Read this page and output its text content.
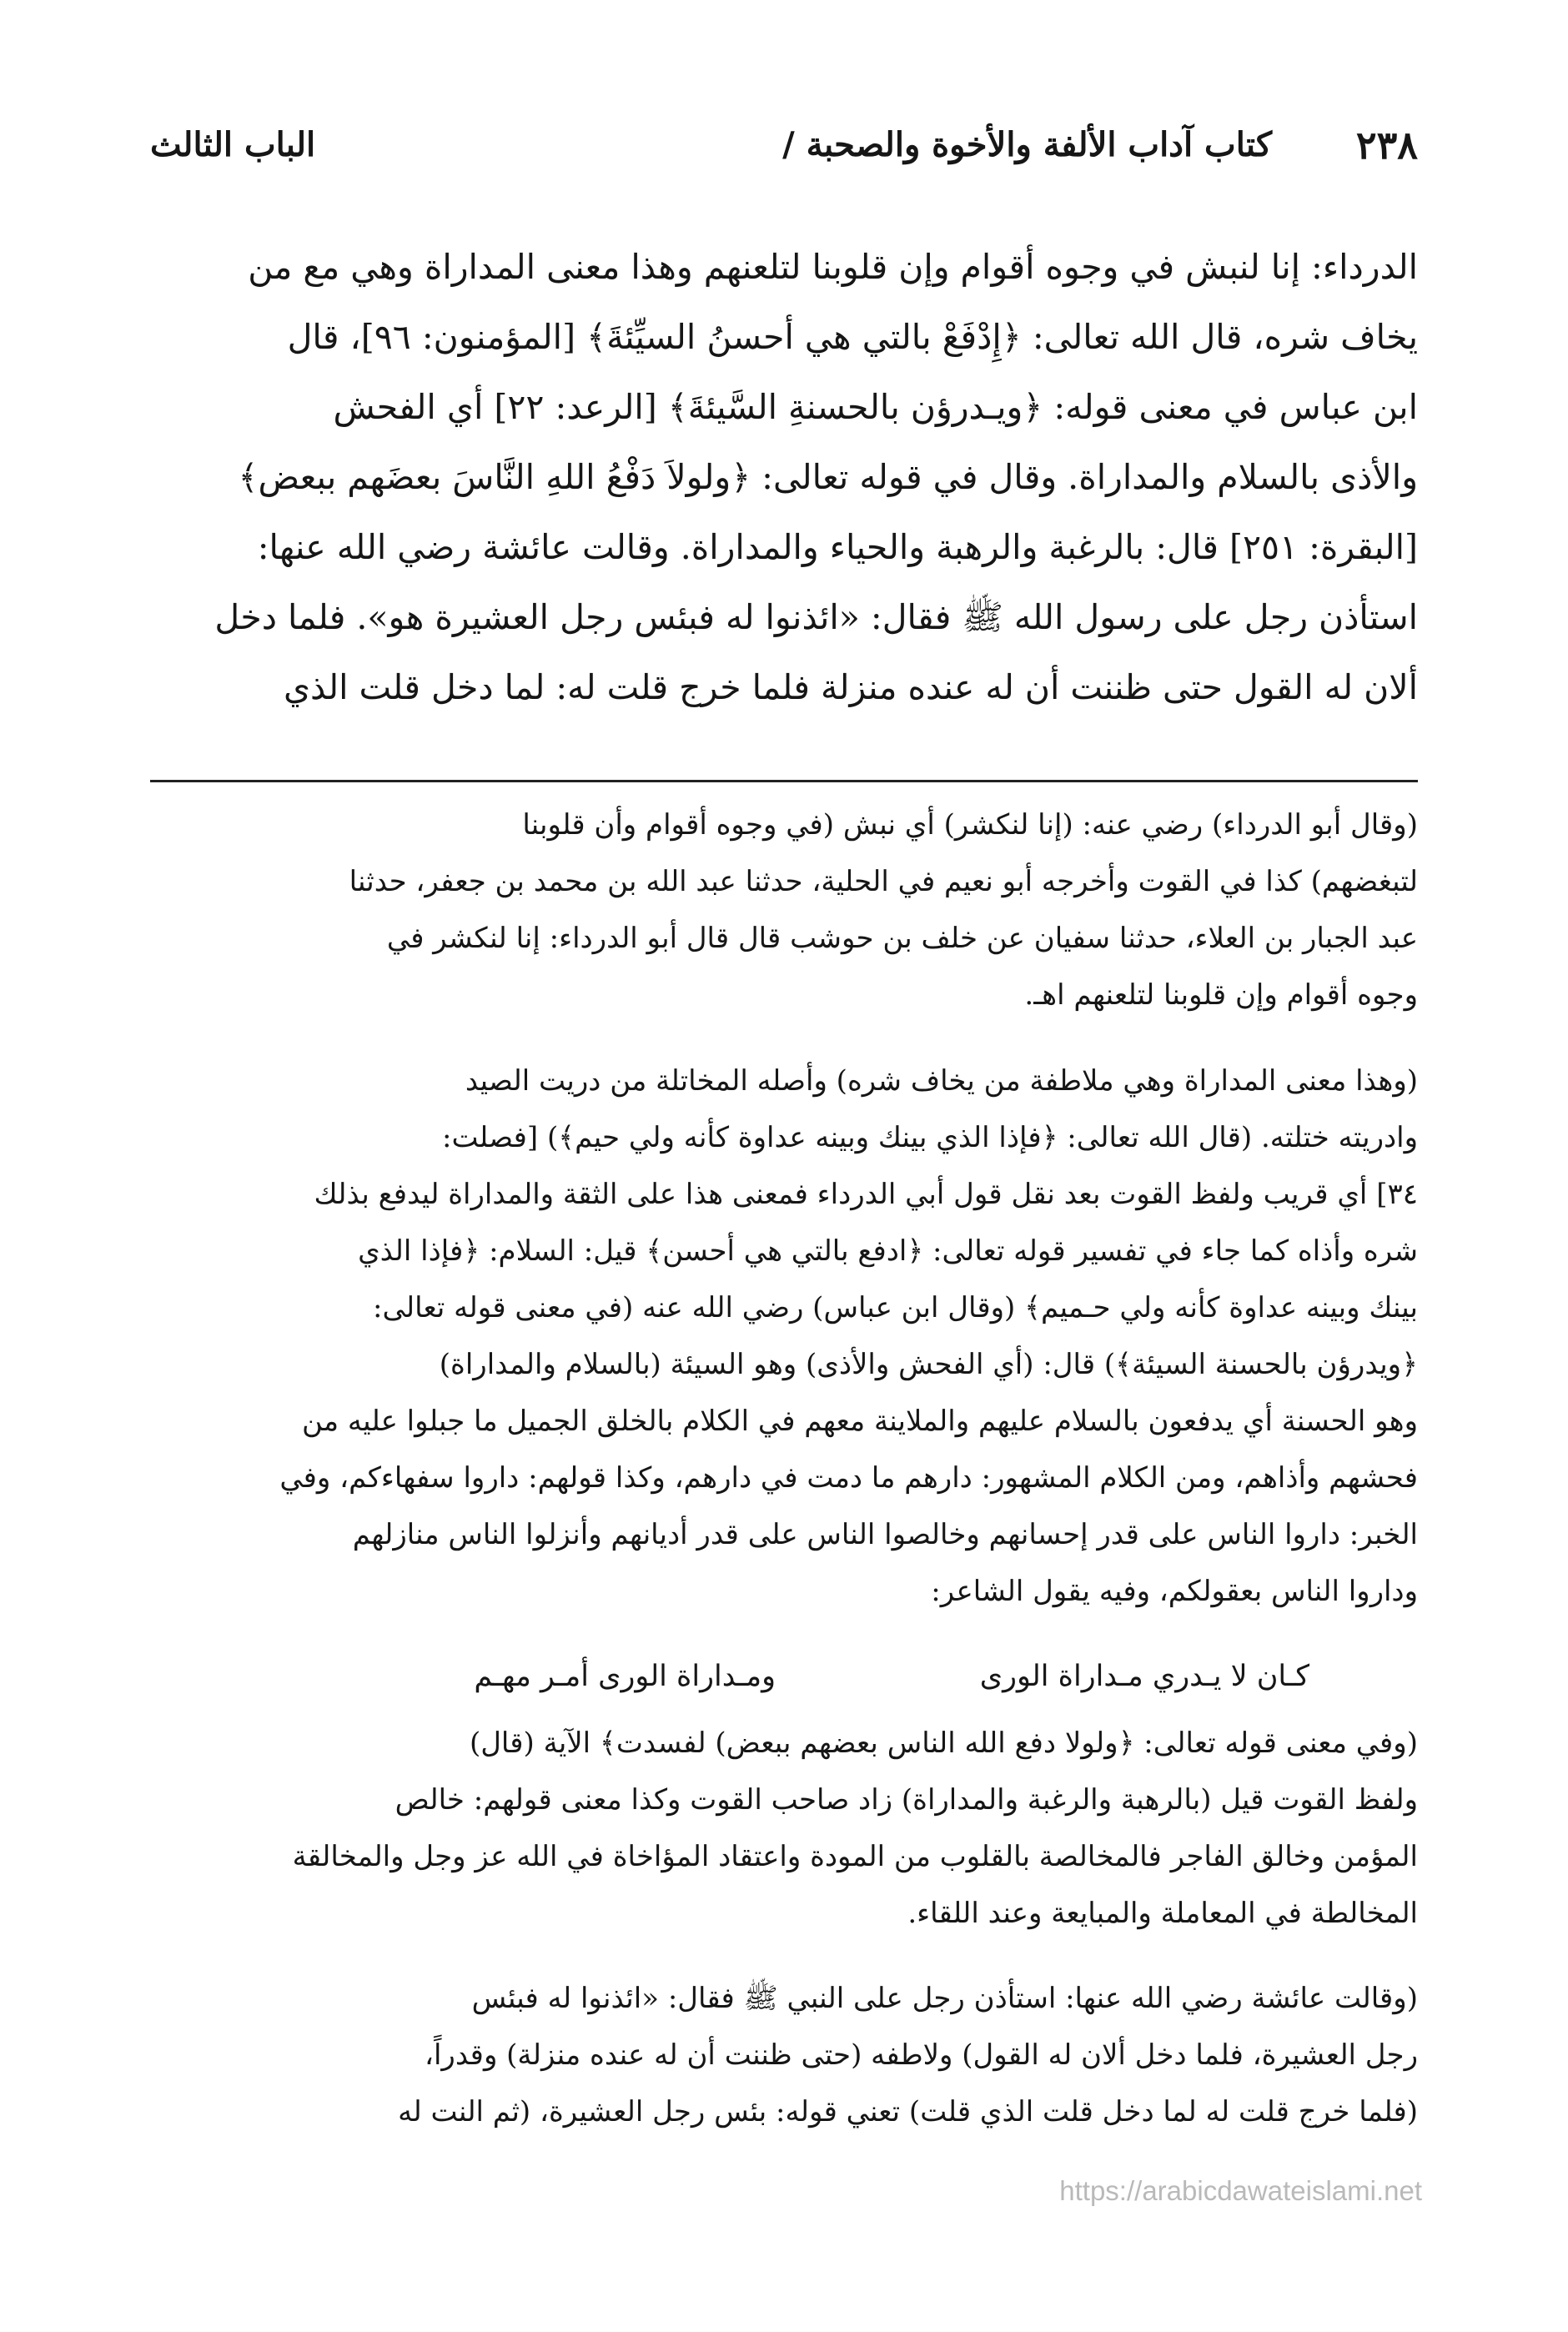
٢٣٨
كتاب آداب الألفة والأخوة والصحبة /
الباب الثالث
الدرداء: إنا لنبش في وجوه أقوام وإن قلوبنا لتلعنهم وهذا معنى المداراة وهي مع من
يخاف شره، قال الله تعالى: ﴿إِدْفَعْ بالتي هي أحسنُ السيِّئةَ﴾ [المؤمنون: ٩٦]، قال
ابن عباس في معنى قوله: ﴿ويـدرؤن بالحسنةِ السَّيئةَ﴾ [الرعد: ٢٢] أي الفحش
والأذى بالسلام والمداراة. وقال في قوله تعالى: ﴿ولولاَ دَفْعُ اللهِ النَّاسَ بعضَهم ببعض﴾
[البقرة: ٢٥١] قال: بالرغبة والرهبة والحياء والمداراة. وقالت عائشة رضي الله عنها:
استأذن رجل على رسول الله ﷺ فقال: «ائذنوا له فبئس رجل العشيرة هو». فلما دخل
ألان له القول حتى ظننت أن له عنده منزلة فلما خرج قلت له: لما دخل قلت الذي
(وقال أبو الدرداء) رضي عنه: (إنا لنكشر) أي نبش (في وجوه أقوام وأن قلوبنا
لتبغضهم) كذا في القوت وأخرجه أبو نعيم في الحلية، حدثنا عبد الله بن محمد بن جعفر، حدثنا
عبد الجبار بن العلاء، حدثنا سفيان عن خلف بن حوشب قال قال أبو الدرداء: إنا لنكشر في
وجوه أقوام وإن قلوبنا لتلعنهم اهـ.
(وهذا معنى المداراة وهي ملاطفة من يخاف شره) وأصله المخاتلة من دريت الصيد
وادريته ختلته. (قال الله تعالى: ﴿فإذا الذي بينك وبينه عداوة كأنه ولي حيم﴾) [فصلت:
٣٤] أي قريب ولفظ القوت بعد نقل قول أبي الدرداء فمعنى هذا على الثقة والمداراة ليدفع بذلك
شره وأذاه كما جاء في تفسير قوله تعالى: ﴿ادفع بالتي هي أحسن﴾ قيل: السلام: ﴿فإذا الذي
بينك وبينه عداوة كأنه ولي حـميم﴾ (وقال ابن عباس) رضي الله عنه (في معنى قوله تعالى:
﴿ويدرؤن بالحسنة السيئة﴾) قال: (أي الفحش والأذى) وهو السيئة (بالسلام والمداراة)
وهو الحسنة أي يدفعون بالسلام عليهم والملاينة معهم في الكلام بالخلق الجميل ما جبلوا عليه من
فحشهم وأذاهم، ومن الكلام المشهور: دارهم ما دمت في دارهم، وكذا قولهم: داروا سفهاءكم، وفي
الخبر: داروا الناس على قدر إحسانهم وخالصوا الناس على قدر أديانهم وأنزلوا الناس منازلهم
وداروا الناس بعقولكم، وفيه يقول الشاعر:
كـان لا يـدري مـداراة الورى
ومـداراة الورى أمـر مهـم
(وفي معنى قوله تعالى: ﴿ولولا دفع الله الناس بعضهم ببعض) لفسدت﴾ الآية (قال)
ولفظ القوت قيل (بالرهبة والرغبة والمداراة) زاد صاحب القوت وكذا معنى قولهم: خالص
المؤمن وخالق الفاجر فالمخالصة بالقلوب من المودة واعتقاد المؤاخاة في الله عز وجل والمخالقة
المخالطة في المعاملة والمبايعة وعند اللقاء.
(وقالت عائشة رضي الله عنها: استأذن رجل على النبي ﷺ فقال: «ائذنوا له فبئس
رجل العشيرة، فلما دخل ألان له القول) ولاطفه (حتى ظننت أن له عنده منزلة) وقدراً،
(فلما خرج قلت له لما دخل قلت الذي قلت) تعني قوله: بئس رجل العشيرة، (ثم النت له
https://arabicdawateislami.net
